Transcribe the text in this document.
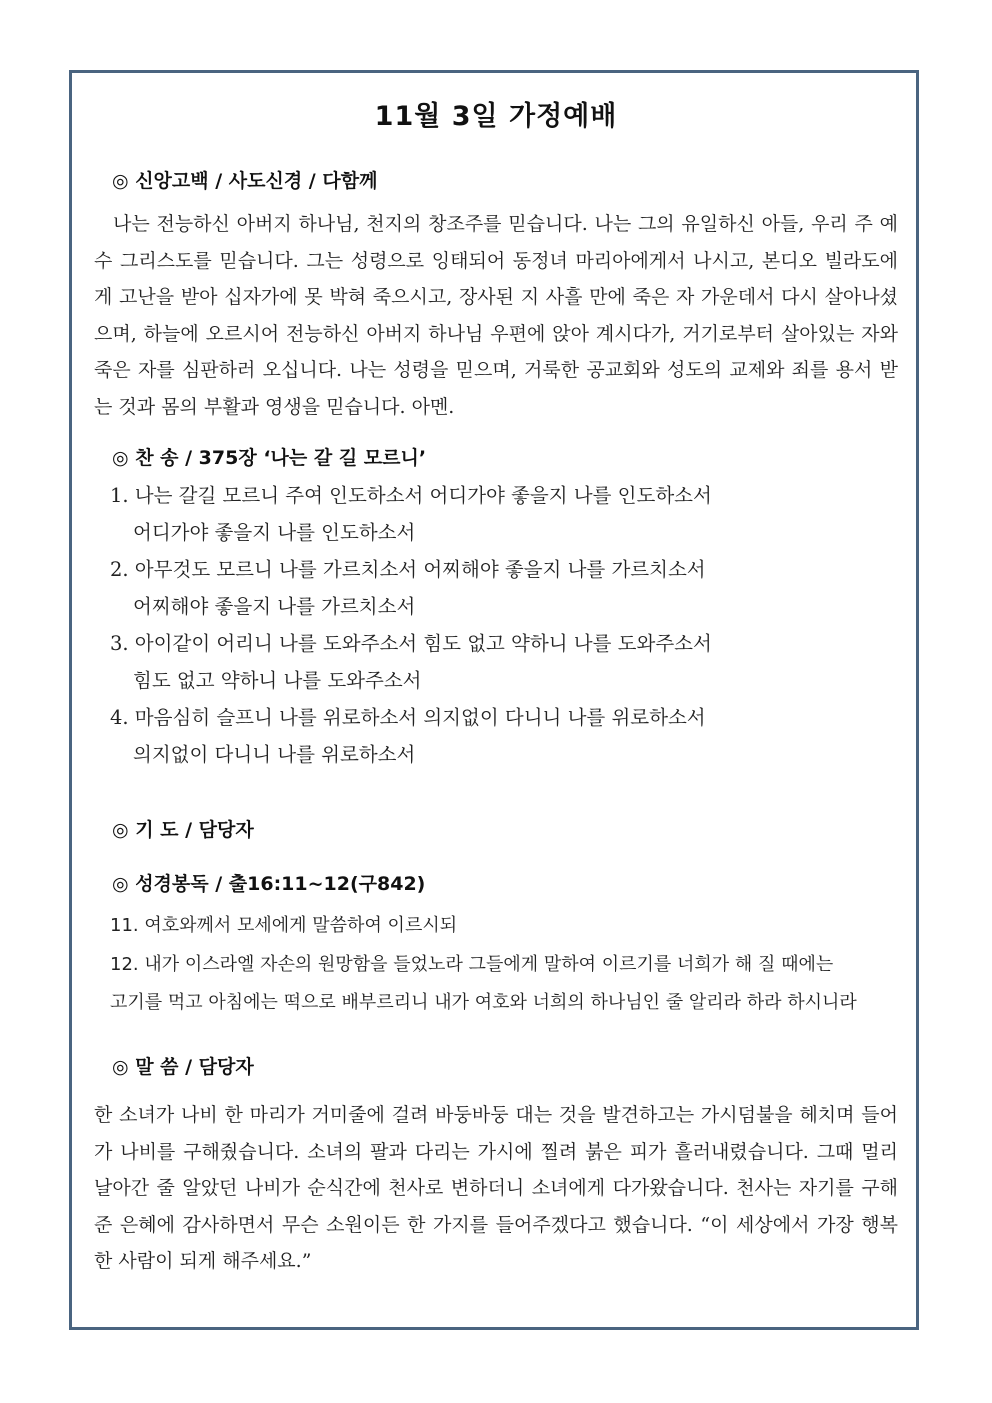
11월 3일 가정예배
◎ 신앙고백 / 사도신경 / 다함께
나는 전능하신 아버지 하나님, 천지의 창조주를 믿습니다. 나는 그의 유일하신 아들, 우리 주 예수 그리스도를 믿습니다. 그는 성령으로 잉태되어 동정녀 마리아에게서 나시고, 본디오 빌라도에게 고난을 받아 십자가에 못 박혀 죽으시고, 장사된 지 사흘 만에 죽은 자 가운데서 다시 살아나셨으며, 하늘에 오르시어 전능하신 아버지 하나님 우편에 앉아 계시다가, 거기로부터 살아있는 자와 죽은 자를 심판하러 오십니다. 나는 성령을 믿으며, 거룩한 공교회와 성도의 교제와 죄를 용서 받는 것과 몸의 부활과 영생을 믿습니다. 아멘.
◎ 찬 송 / 375장 ‘나는 갈 길 모르니’
1. 나는 갈길 모르니 주여 인도하소서 어디가야 좋을지 나를 인도하소서
어디가야 좋을지 나를 인도하소서
2. 아무것도 모르니 나를 가르치소서 어찌해야 좋을지 나를 가르치소서
어찌해야 좋을지 나를 가르치소서
3. 아이같이 어리니 나를 도와주소서 힘도 없고 약하니 나를 도와주소서
힘도 없고 약하니 나를 도와주소서
4. 마음심히 슬프니 나를 위로하소서 의지없이 다니니 나를 위로하소서
의지없이 다니니 나를 위로하소서
◎ 기 도 / 담당자
◎ 성경봉독 / 출16:11~12(구842)
11. 여호와께서 모세에게 말씀하여 이르시되
12. 내가 이스라엘 자손의 원망함을 들었노라 그들에게 말하여 이르기를 너희가 해 질 때에는
고기를 먹고 아침에는 떡으로 배부르리니 내가 여호와 너희의 하나님인 줄 알리라 하라 하시니라
◎ 말 씀 / 담당자
한 소녀가 나비 한 마리가 거미줄에 걸려 바둥바둥 대는 것을 발견하고는 가시덤불을 헤치며 들어가 나비를 구해줬습니다. 소녀의 팔과 다리는 가시에 찔려 붉은 피가 흘러내렸습니다. 그때 멀리 날아간 줄 알았던 나비가 순식간에 천사로 변하더니 소녀에게 다가왔습니다. 천사는 자기를 구해준 은혜에 감사하면서 무슨 소원이든 한 가지를 들어주겠다고 했습니다. “이 세상에서 가장 행복한 사람이 되게 해주세요.”
